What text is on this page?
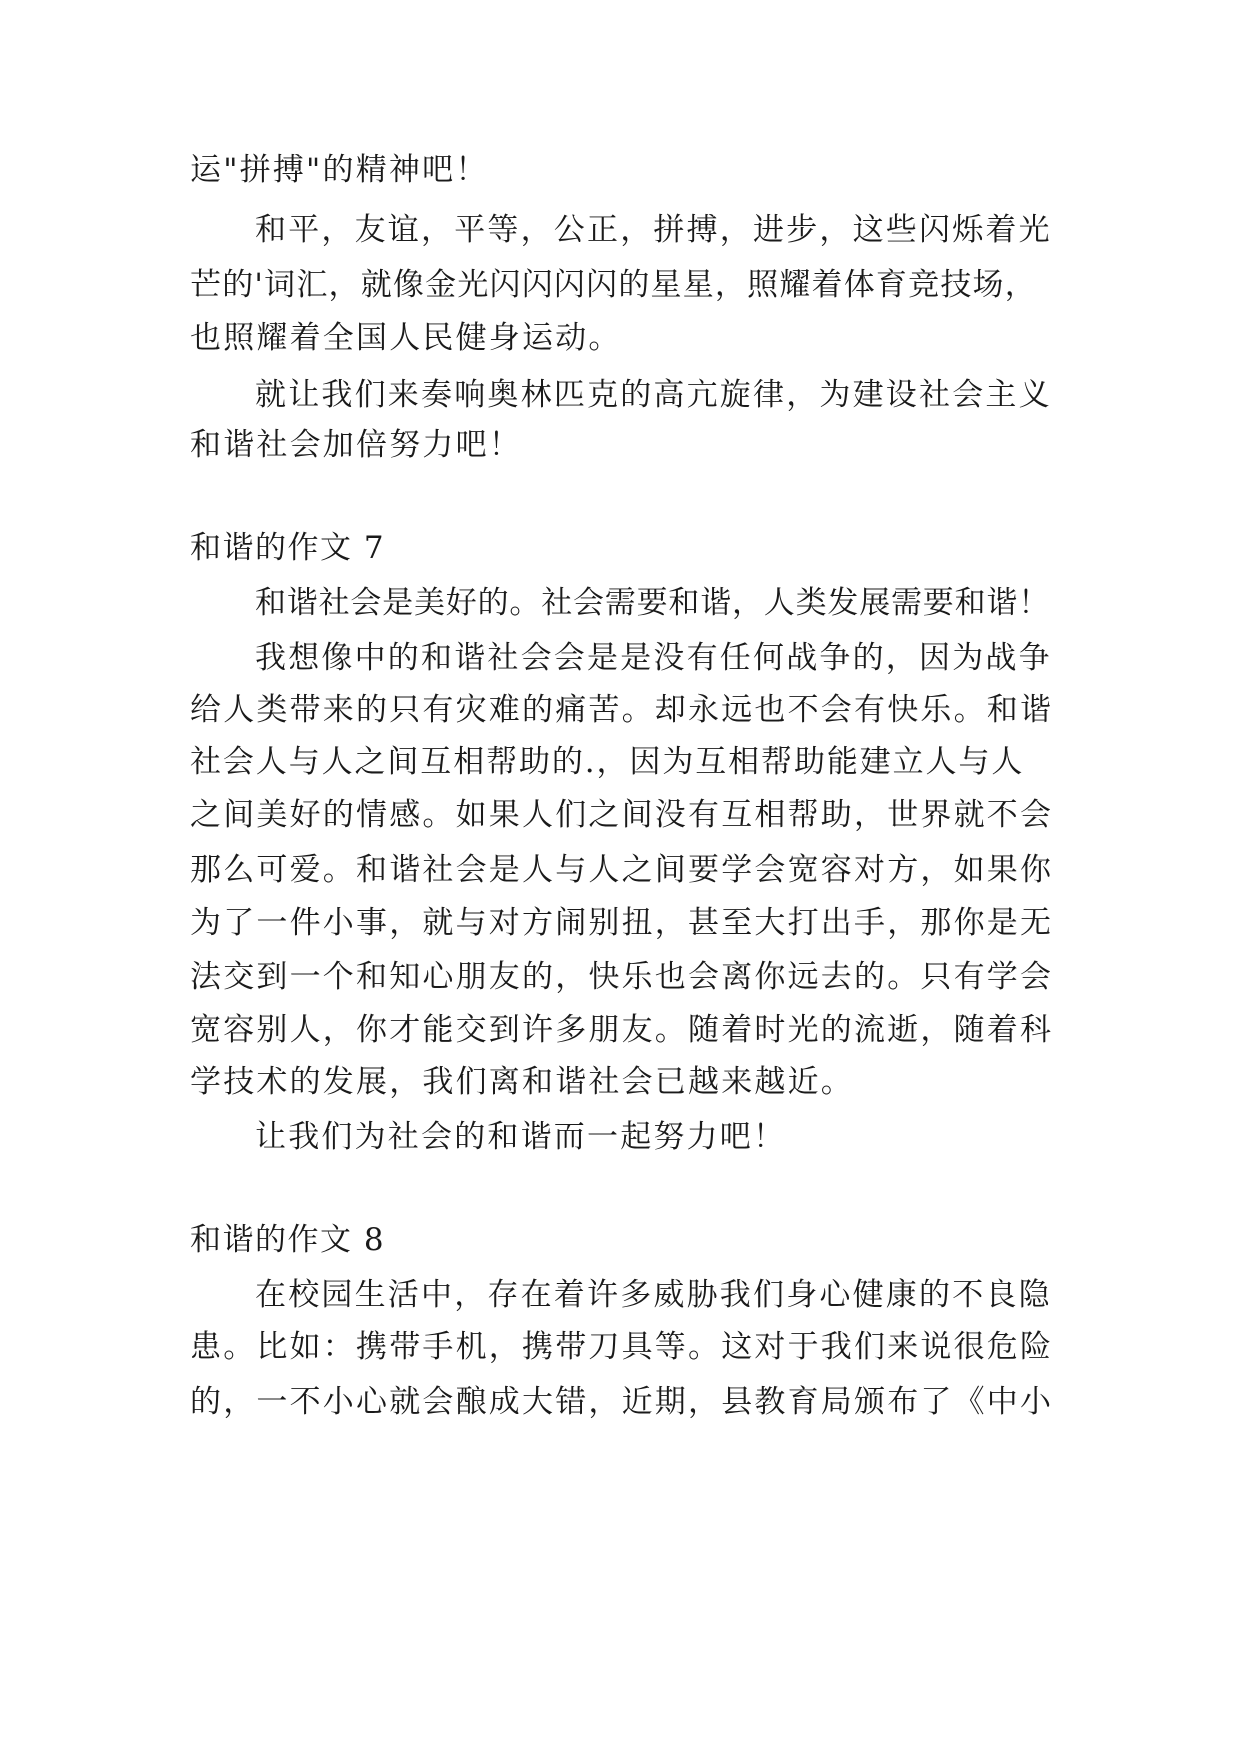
运"拼搏"的精神吧！
和平，友谊，平等，公正，拼搏，进步，这些闪烁着光
芒的'词汇，就像金光闪闪闪闪的星星，照耀着体育竞技场，
也照耀着全国人民健身运动。
就让我们来奏响奥林匹克的高亢旋律，为建设社会主义
和谐社会加倍努力吧！
和谐的作文 7
和谐社会是美好的。社会需要和谐，人类发展需要和谐！
我想像中的和谐社会会是是没有任何战争的，因为战争
给人类带来的只有灾难的痛苦。却永远也不会有快乐。和谐
社会人与人之间互相帮助的.，因为互相帮助能建立人与人
之间美好的情感。如果人们之间没有互相帮助，世界就不会
那么可爱。和谐社会是人与人之间要学会宽容对方，如果你
为了一件小事，就与对方闹别扭，甚至大打出手，那你是无
法交到一个和知心朋友的，快乐也会离你远去的。只有学会
宽容别人，你才能交到许多朋友。随着时光的流逝，随着科
学技术的发展，我们离和谐社会已越来越近。
让我们为社会的和谐而一起努力吧！
和谐的作文 8
在校园生活中，存在着许多威胁我们身心健康的不良隐
患。比如：携带手机，携带刀具等。这对于我们来说很危险
的，一不小心就会酿成大错，近期，县教育局颁布了《中小
